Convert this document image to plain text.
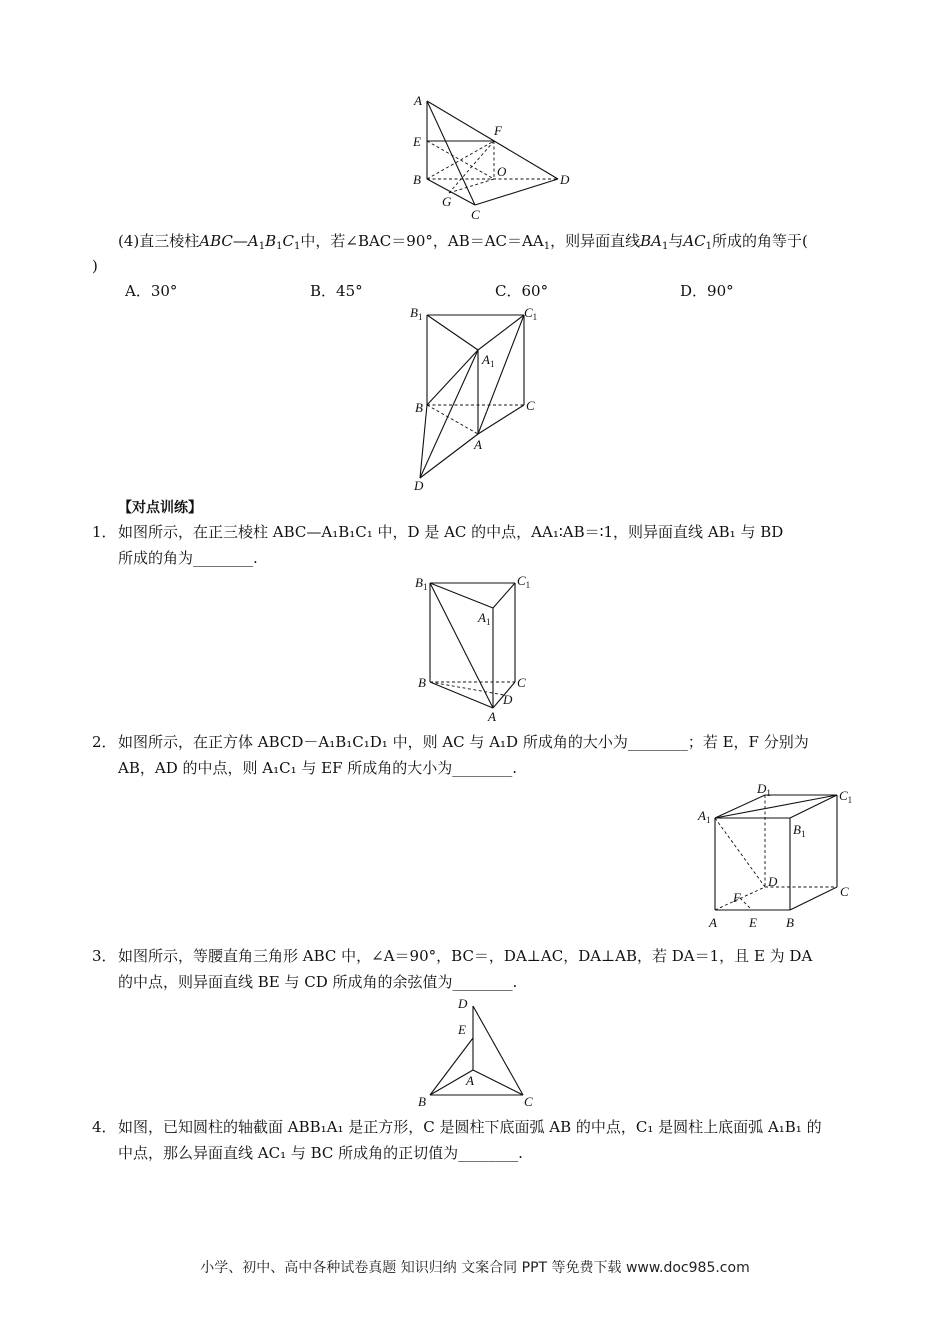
A
E
F
B
O
D
G
C
(4)直三棱柱$ABC—A_1B_1C_1$中，若∠BAC＝90°，$AB=AC=AA_1$，则异面直线$BA_1$与$AC_1$所成的角等于(
)
A．30°	B．45°	C．60°	D．90°
$B_1$	$C_1$
$A_1$
B	C
A
D
【对点训练】
1． 如图所示，在正三棱柱 ABC—A₁B₁C₁ 中，D 是 AC 的中点，AA₁∶AB＝∶1，则异面直线 AB₁ 与 BD
所成的角为________.
$B_1$	$C_1$
$A_1$
B	C
D
A
2． 如图所示，在正方体 ABCD－A₁B₁C₁D₁ 中，则 AC 与 A₁D 所成角的大小为________；若 E，F 分别为
AB，AD 的中点，则 A₁C₁ 与 EF 所成角的大小为________.
$D_1$	$C_1$
$A_1$
$B_1$
D
C
F
A E B
3． 如图所示，等腰直角三角形 ABC 中，∠A＝90°，BC＝，DA⊥AC，DA⊥AB，若 DA＝1，且 E 为 DA
的中点，则异面直线 BE 与 CD 所成角的余弦值为________.
D
E
A
B	C
4． 如图，已知圆柱的轴截面 ABB₁A₁ 是正方形，C 是圆柱下底面弧 AB 的中点，C₁ 是圆柱上底面弧 A₁B₁ 的
中点，那么异面直线 AC₁ 与 BC 所成角的正切值为________.
小学、初中、高中各种试卷真题 知识归纳 文案合同 PPT 等免费下载 www.doc985.com
